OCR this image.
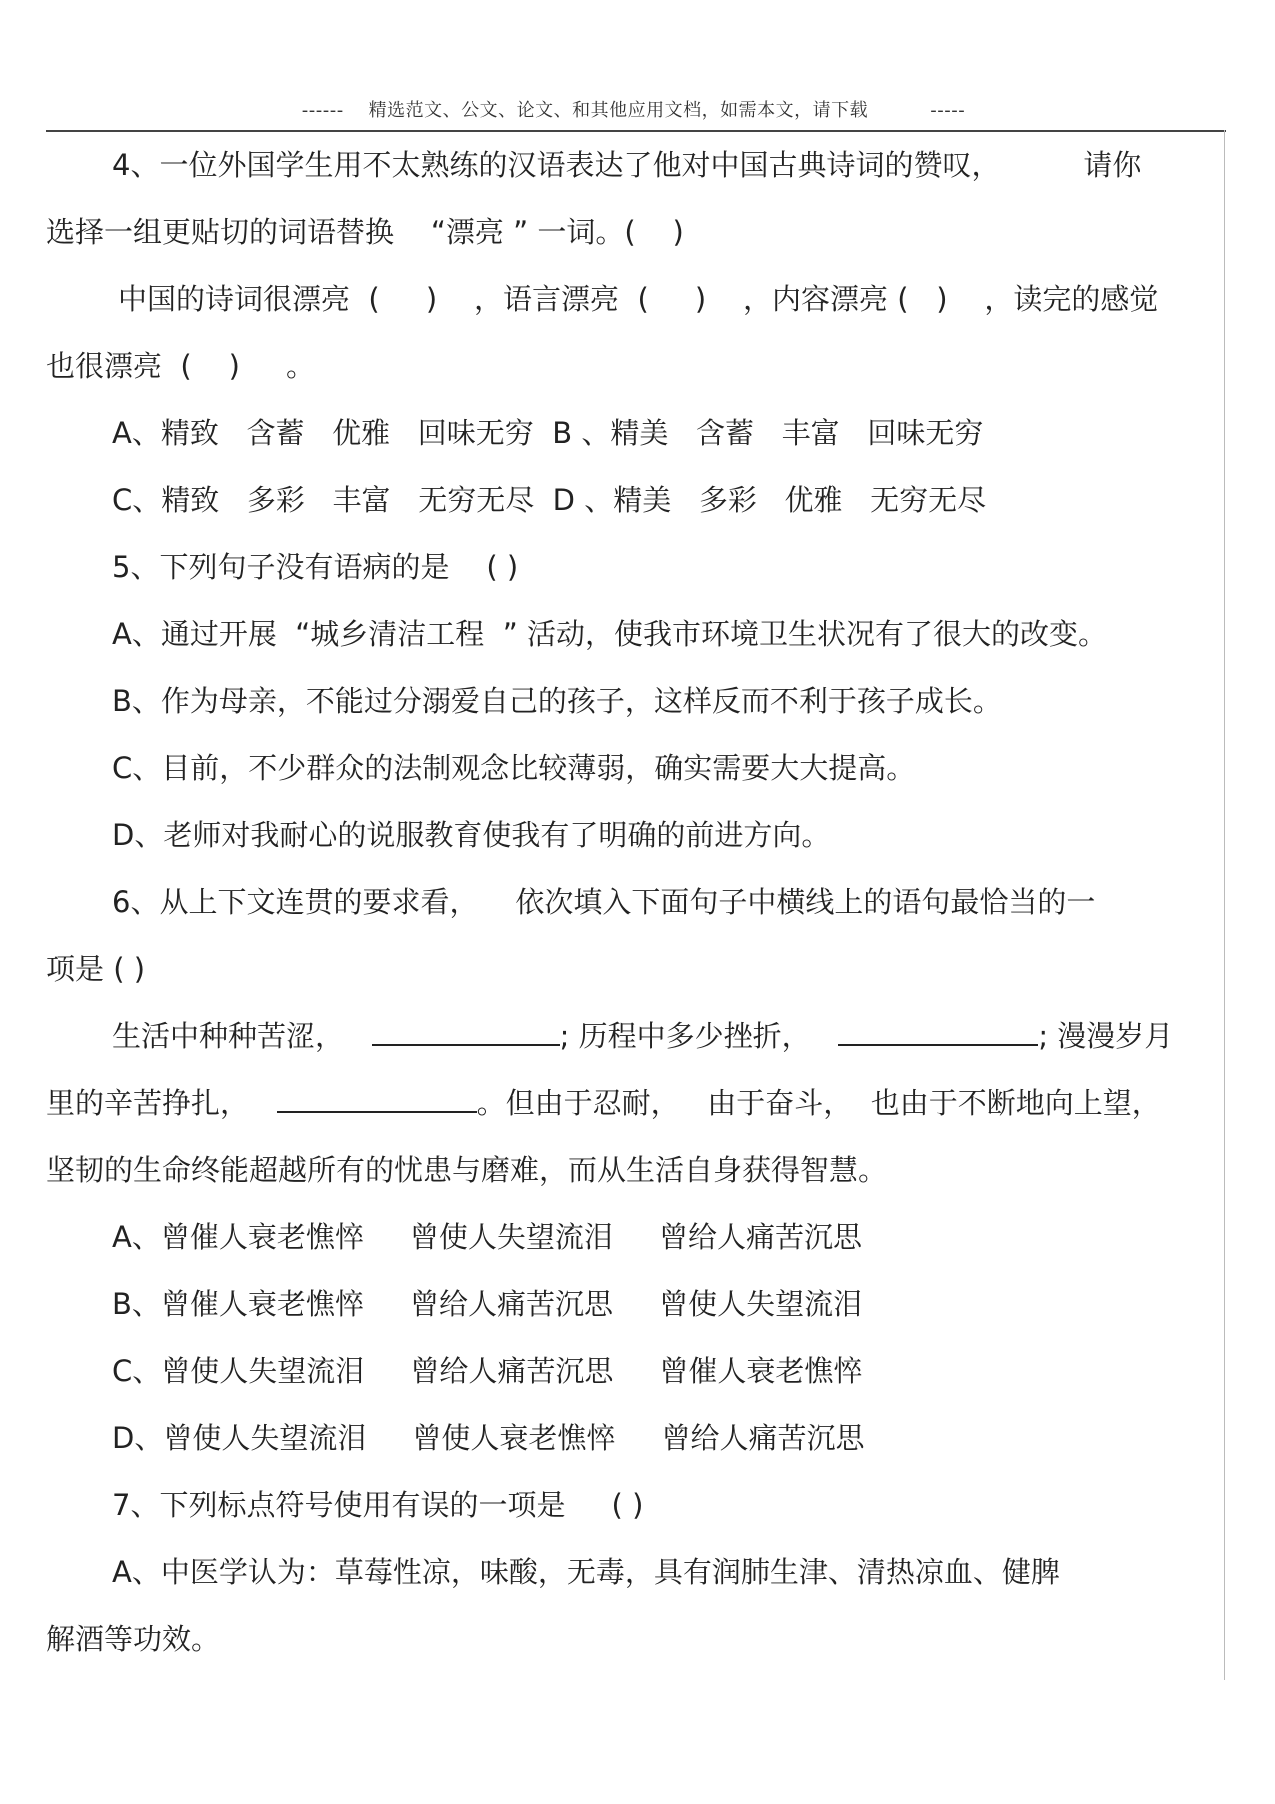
------    精选范文、公文、论文、和其他应用文档，如需本文，请下载          -----
4、一位外国学生用不太熟练的汉语表达了他对中国古典诗词的赞叹，         请你
选择一组更贴切的词语替换    “漂亮 ” 一词。(    )
中国的诗词很漂亮  (     )    ，语言漂亮  (     )    ，内容漂亮 (   )    ，读完的感觉
也很漂亮  (    )     。
A、精致   含蓄   优雅   回味无穷  B 、精美   含蓄   丰富   回味无穷
C、精致   多彩   丰富   无穷无尽  D 、精美   多彩   优雅   无穷无尽
5、下列句子没有语病的是    ( )
A、通过开展  “城乡清洁工程  ” 活动，使我市环境卫生状况有了很大的改变。
B、作为母亲，不能过分溺爱自己的孩子，这样反而不利于孩子成长。
C、目前，不少群众的法制观念比较薄弱，确实需要大大提高。
D、老师对我耐心的说服教育使我有了明确的前进方向。
6、从上下文连贯的要求看，    依次填入下面句子中横线上的语句最恰当的一
项是 ( )
生活中种种苦涩，	; 历程中多少挫折，	; 漫漫岁月
里的辛苦挣扎，	。但由于忍耐，   由于奋斗，  也由于不断地向上望，
坚韧的生命终能超越所有的忧患与磨难，而从生活自身获得智慧。
A、曾催人衰老憔悴     曾使人失望流泪     曾给人痛苦沉思
B、曾催人衰老憔悴     曾给人痛苦沉思     曾使人失望流泪
C、曾使人失望流泪     曾给人痛苦沉思     曾催人衰老憔悴
D、曾使人失望流泪     曾使人衰老憔悴     曾给人痛苦沉思
7、下列标点符号使用有误的一项是     ( )
A、中医学认为：草莓性凉，味酸，无毒，具有润肺生津、清热凉血、健脾
解酒等功效。
